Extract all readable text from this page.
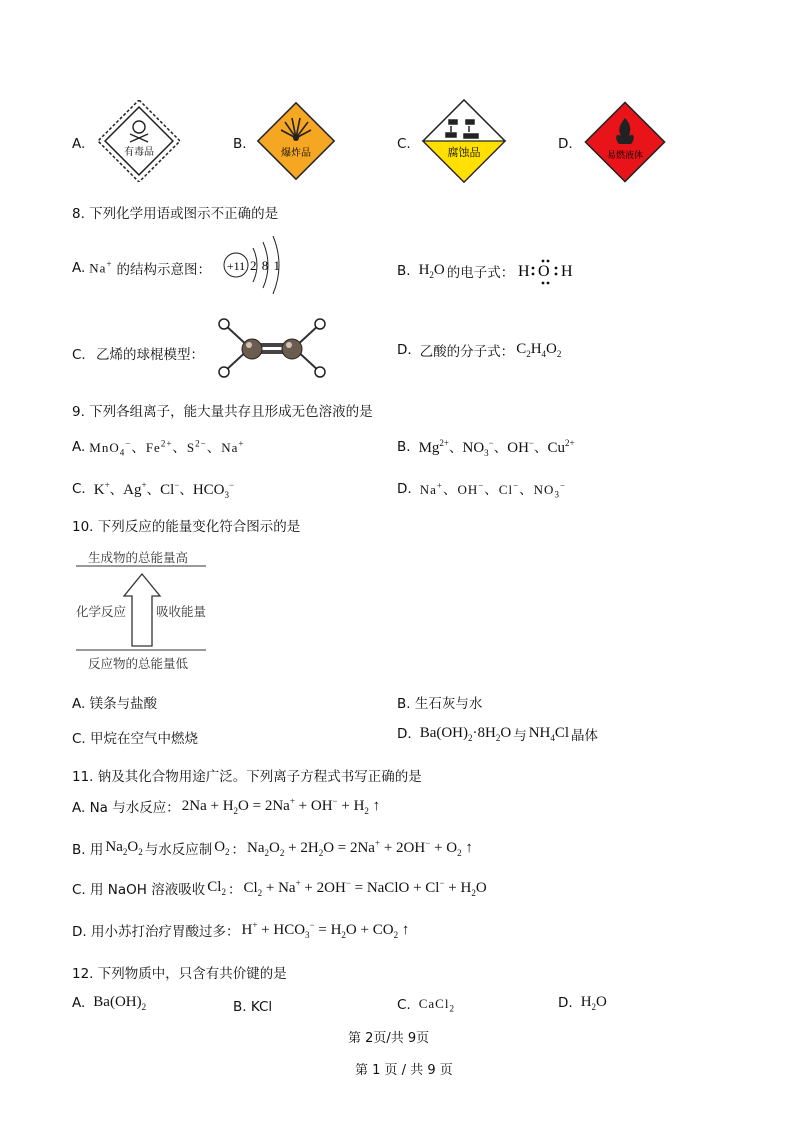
A.
有毒品
B.
爆炸品
C.
腐蚀品
D.
易燃液体
8. 下列化学用语或图示不正确的是
A. Na+ 的结构示意图： +11 2 8 1	B. $H_2O$ 的电子式： H O H
C. 乙烯的球棍模型：	D. 乙酸的分子式： $C_2H_4O_2$
9. 下列各组离子，能大量共存且形成无色溶液的是
A. MnO$_4$−、$Fe^{2+}$、$S^{2-}$、Na+	B. $Mg^{2+}$、$NO_3^-$、OH−、$Cu^{2+}$
C. K+、Ag+、Cl−、$HCO_3^-$	D. Na+、OH−、Cl−、$NO_3^-$
10. 下列反应的能量变化符合图示的是
生成物的总能量高
化学反应 吸收能量
反应物的总能量低
A. 镁条与盐酸	B. 生石灰与水
C. 甲烷在空气中燃烧	D. $Ba(OH)_2\cdot 8H_2O$ 与 $NH_4Cl$ 晶体
11. 钠及其化合物用途广泛。下列离子方程式书写正确的是
A. Na 与水反应： $2Na + H_2O = 2Na^+ + OH^- + H_2$ ↑
B. 用 $Na_2O_2$ 与水反应制 $O_2$ ： $Na_2O_2 + 2H_2O = 2Na^+ + 2OH^- + O_2$ ↑
C. 用 NaOH 溶液吸收 $Cl_2$ ： $Cl_2 + Na^+ + 2OH^-$ = NaClO + $Cl^- + H_2O$
D. 用小苏打治疗胃酸过多： $H^+ + HCO_3^- = H_2O + CO_2$ ↑
12. 下列物质中，只含有共价键的是
A. $Ba(OH)_2$	B. KCl	C. CaCl$_2$	D. $H_2O$
第 2页/共 9页
第 1 页 / 共 9 页
